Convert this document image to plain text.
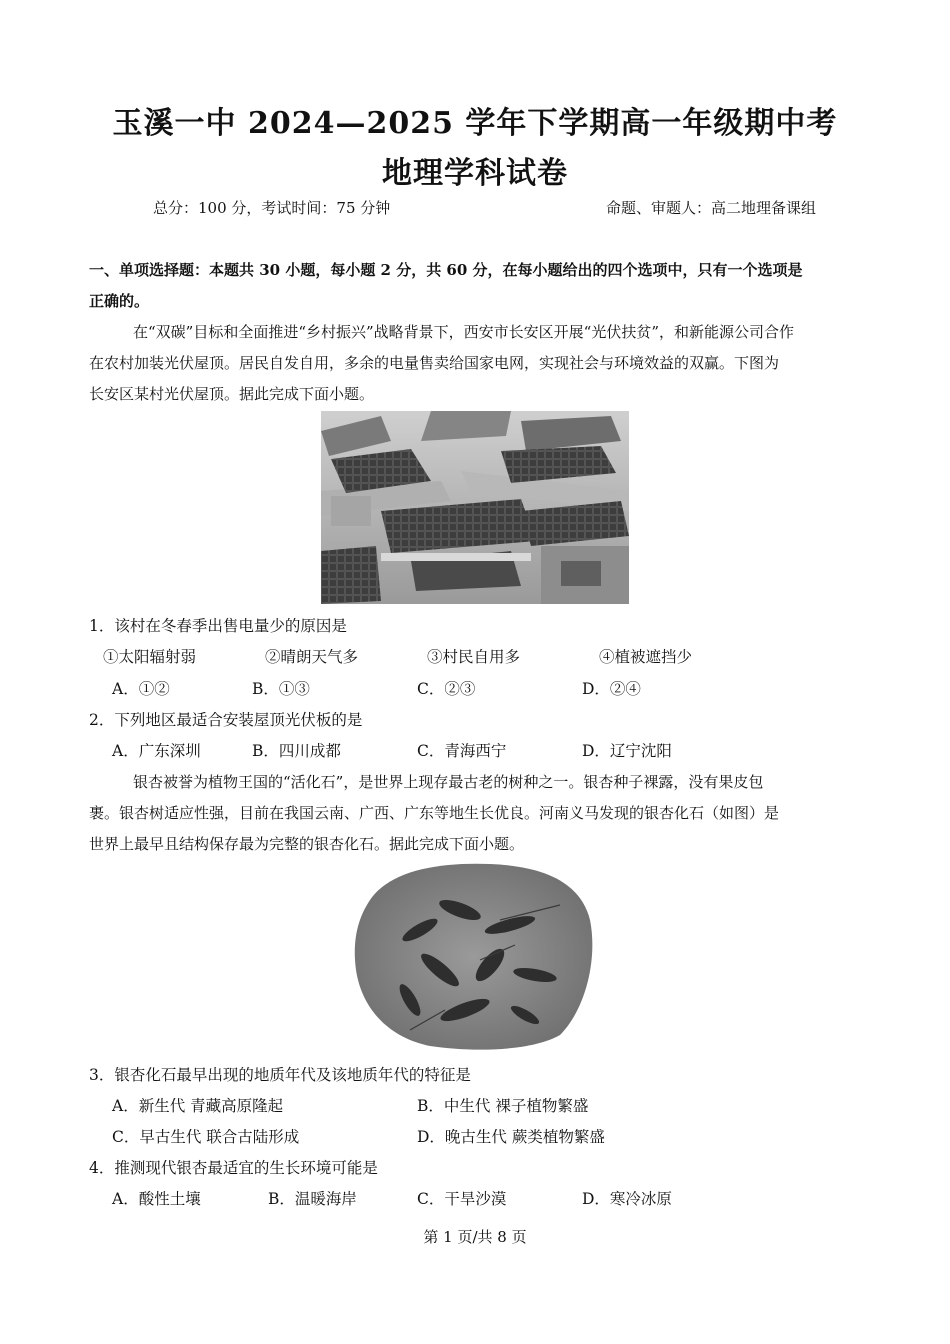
玉溪一中 2024—2025 学年下学期高一年级期中考
地理学科试卷
总分：100 分，考试时间：75 分钟	命题、审题人：高二地理备课组
一、单项选择题：本题共 30 小题，每小题 2 分，共 60 分，在每小题给出的四个选项中，只有一个选项是
正确的。
在“双碳”目标和全面推进“乡村振兴”战略背景下，西安市长安区开展“光伏扶贫”，和新能源公司合作
在农村加装光伏屋顶。居民自发自用，多余的电量售卖给国家电网，实现社会与环境效益的双赢。下图为
长安区某村光伏屋顶。据此完成下面小题。
1．该村在冬春季出售电量少的原因是
①太阳辐射弱	②晴朗天气多	③村民自用多	④植被遮挡少
A．①②	B．①③	C．②③	D．②④
2．下列地区最适合安装屋顶光伏板的是
A．广东深圳	B．四川成都	C．青海西宁	D．辽宁沈阳
银杏被誉为植物王国的“活化石”，是世界上现存最古老的树种之一。银杏种子裸露，没有果皮包
裹。银杏树适应性强，目前在我国云南、广西、广东等地生长优良。河南义马发现的银杏化石（如图）是
世界上最早且结构保存最为完整的银杏化石。据此完成下面小题。
3．银杏化石最早出现的地质年代及该地质年代的特征是
A．新生代 青藏高原隆起	B．中生代 裸子植物繁盛
C．早古生代 联合古陆形成	D．晚古生代 蕨类植物繁盛
4．推测现代银杏最适宜的生长环境可能是
A．酸性土壤	B．温暖海岸	C．干旱沙漠	D．寒冷冰原
第 1 页/共 8 页
